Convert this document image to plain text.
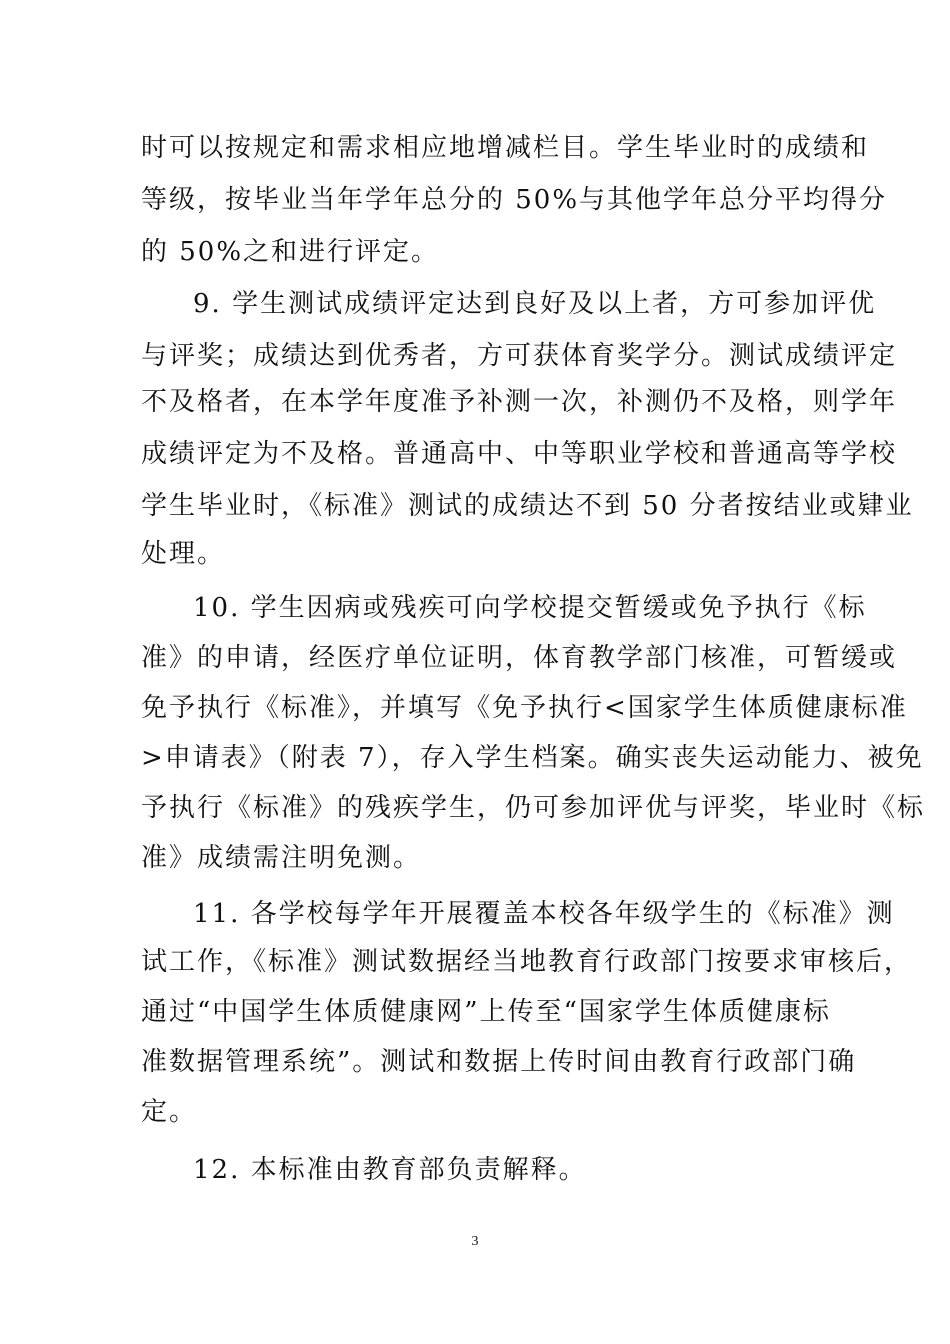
时可以按规定和需求相应地增减栏目。学生毕业时的成绩和
等级，按毕业当年学年总分的 50%与其他学年总分平均得分
的 50%之和进行评定。
9. 学生测试成绩评定达到良好及以上者，方可参加评优
与评奖；成绩达到优秀者，方可获体育奖学分。测试成绩评定
不及格者，在本学年度准予补测一次，补测仍不及格，则学年
成绩评定为不及格。普通高中、中等职业学校和普通高等学校
学生毕业时，《标准》测试的成绩达不到 50 分者按结业或肄业
处理。
10. 学生因病或残疾可向学校提交暂缓或免予执行《标
准》的申请，经医疗单位证明，体育教学部门核准，可暂缓或
免予执行《标准》，并填写《免予执行<国家学生体质健康标准
>申请表》（附表 7），存入学生档案。确实丧失运动能力、被免
予执行《标准》的残疾学生，仍可参加评优与评奖，毕业时《标
准》成绩需注明免测。
11. 各学校每学年开展覆盖本校各年级学生的《标准》测
试工作，《标准》测试数据经当地教育行政部门按要求审核后，
通过“中国学生体质健康网”上传至“国家学生体质健康标
准数据管理系统”。测试和数据上传时间由教育行政部门确
定。
12. 本标准由教育部负责解释。
3
